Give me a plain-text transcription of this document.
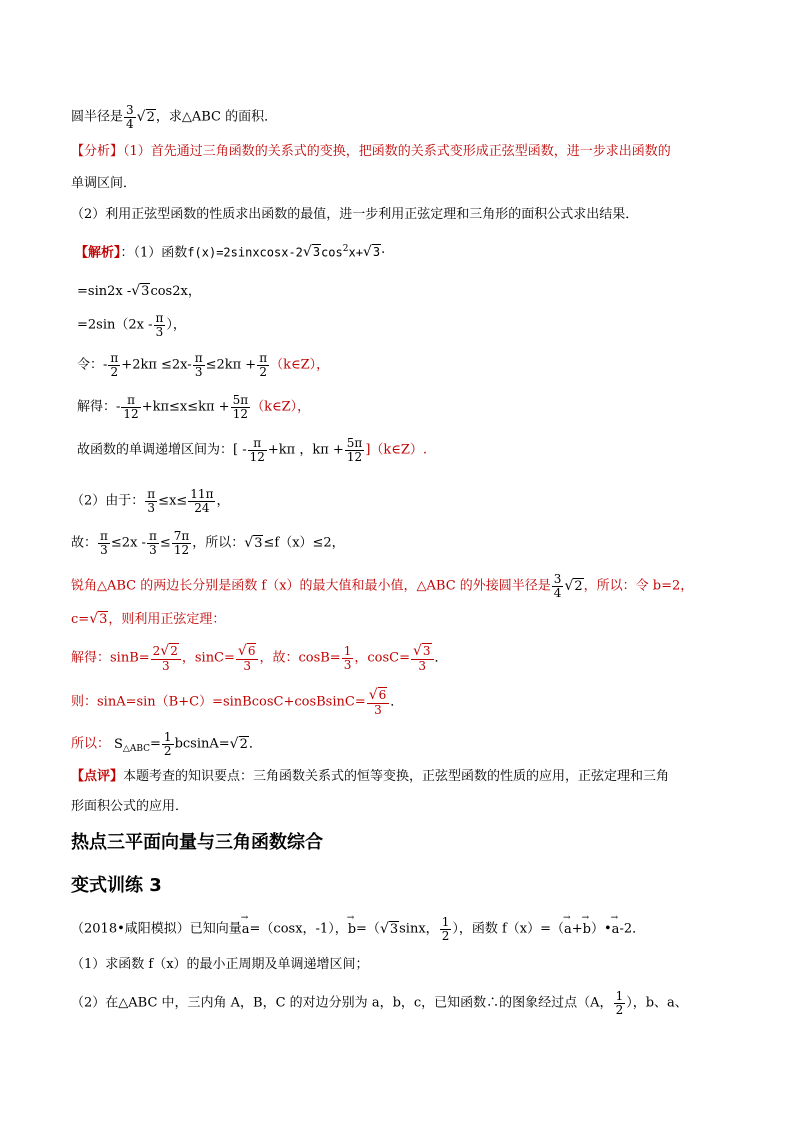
圆半径是 $\frac{3}{4} √2$，求△ABC 的面积．
【分析】（1）首先通过三角函数的关系式的变换，把函数的关系式变形成正弦型函数，进一步求出函数的
单调区间．
（2）利用正弦型函数的性质求出函数的最值，进一步利用正弦定理和三角形的面积公式求出结果．
【解析】：（1）函数$f(x)=2sinxcosx-2√3\cos^2x+√3\cdot$
=sin2x -√3cos2x，
$=2\sin(2x - \frac{\pi}{3}$ ），
令：- $\frac{\pi}{2} +2k\pi \le 2x- \frac{\pi}{3} \le 2k\pi + \frac{\pi}{2}$ （k∈Z），
解得：- $\frac{\pi}{12} +k\pi\le x\le k\pi + \frac{5\pi}{12}$ （k∈Z），
故函数的单调递增区间为：[ - $\frac{\pi}{12} +k\pi$ ，$k\pi + \frac{5\pi}{12}$ ]（k∈Z）.
（2）由于： $\frac{\pi}{3} \le x\le \frac{11\pi}{24}$ ，
故： $\frac{\pi}{3} \le 2x - \frac{\pi}{3} \le \frac{7\pi}{12}$ ，所以：√3≤f（x）≤2，
锐角△ABC 的两边长分别是函数 f（x）的最大值和最小值，△ABC 的外接圆半径是 $\frac{3}{4} √2$，所以：令 b=2，
c=√3，则利用正弦定理：
解得：$\sin B= \frac{2√2}{3}$ ，$\sin C= \frac{√6}{3}$ ，故：$\cos B= \frac{1}{3}$ ，$\cos C= \frac{√3}{3}$ ．
则：sinA=sin（B+C）=sinBcosC+cosBsinC= $\frac{√6}{3}$ ．
所以： $S_{\triangle ABC}= \frac{1}{2} bcsinA=√2$．
【点评】本题考查的知识要点：三角函数关系式的恒等变换，正弦型函数的性质的应用，正弦定理和三角
形面积公式的应用．
热点三平面向量与三角函数综合
变式训练 3
（2018•咸阳模拟）已知向量→ a=（cosx，-1），→ b=（√3sinx， $\frac{1}{2}$ ），函数 f（x）=（→ a+→ b）•→ a-2．
（1）求函数 f（x）的最小正周期及单调递增区间；
（2）在△ABC 中，三内角 A，B，C 的对边分别为 a，b，c，已知函数∴的图象经过点（A， $\frac{1}{2}$ ），b、a、
